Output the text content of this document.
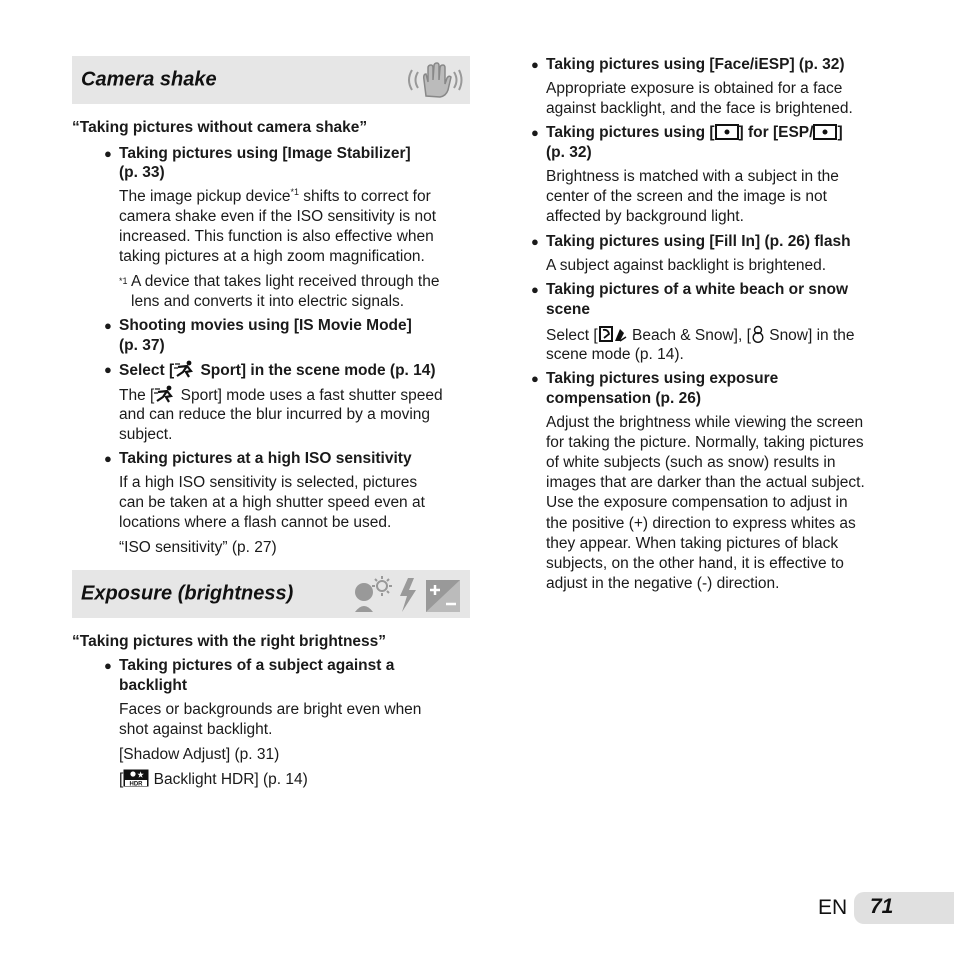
Camera shake

“Taking pictures without camera shake”

● Taking pictures using [Image Stabilizer]

(p. 33)

The image pickup device$^{*1}$ shifts to correct for

camera shake even if the ISO sensitivity is not

increased. This function is also effective when

taking pictures at a high zoom magnification.

*1 A device that takes light received through the

lens and converts it into electric signals.

● Shooting movies using [IS Movie Mode]

(p. 37)

● Select [ Sport] in the scene mode (p. 14)

The [ Sport] mode uses a fast shutter speed

and can reduce the blur incurred by a moving

subject.

● Taking pictures at a high ISO sensitivity

If a high ISO sensitivity is selected, pictures

can be taken at a high shutter speed even at

locations where a flash cannot be used.

“ISO sensitivity” (p. 27)

Exposure (brightness)

“Taking pictures with the right brightness”

● Taking pictures of a subject against a

backlight

Faces or backgrounds are bright even when

shot against backlight.

[Shadow Adjust] (p. 31)

[ HDR Backlight HDR] (p. 14)

● Taking pictures using [Face/iESP] (p. 32)

Appropriate exposure is obtained for a face

against backlight, and the face is brightened.

● Taking pictures using [ ] for [ESP/ ]

(p. 32)

Brightness is matched with a subject in the

center of the screen and the image is not

affected by background light.

● Taking pictures using [Fill In] (p. 26) flash

A subject against backlight is brightened.

● Taking pictures of a white beach or snow

scene

Select [ Beach & Snow], [ Snow] in the

scene mode (p. 14).

● Taking pictures using exposure

compensation (p. 26)

Adjust the brightness while viewing the screen

for taking the picture. Normally, taking pictures

of white subjects (such as snow) results in

images that are darker than the actual subject.

Use the exposure compensation to adjust in

the positive (+) direction to express whites as

they appear. When taking pictures of black

subjects, on the other hand, it is effective to

adjust in the negative (-) direction.

EN 71
